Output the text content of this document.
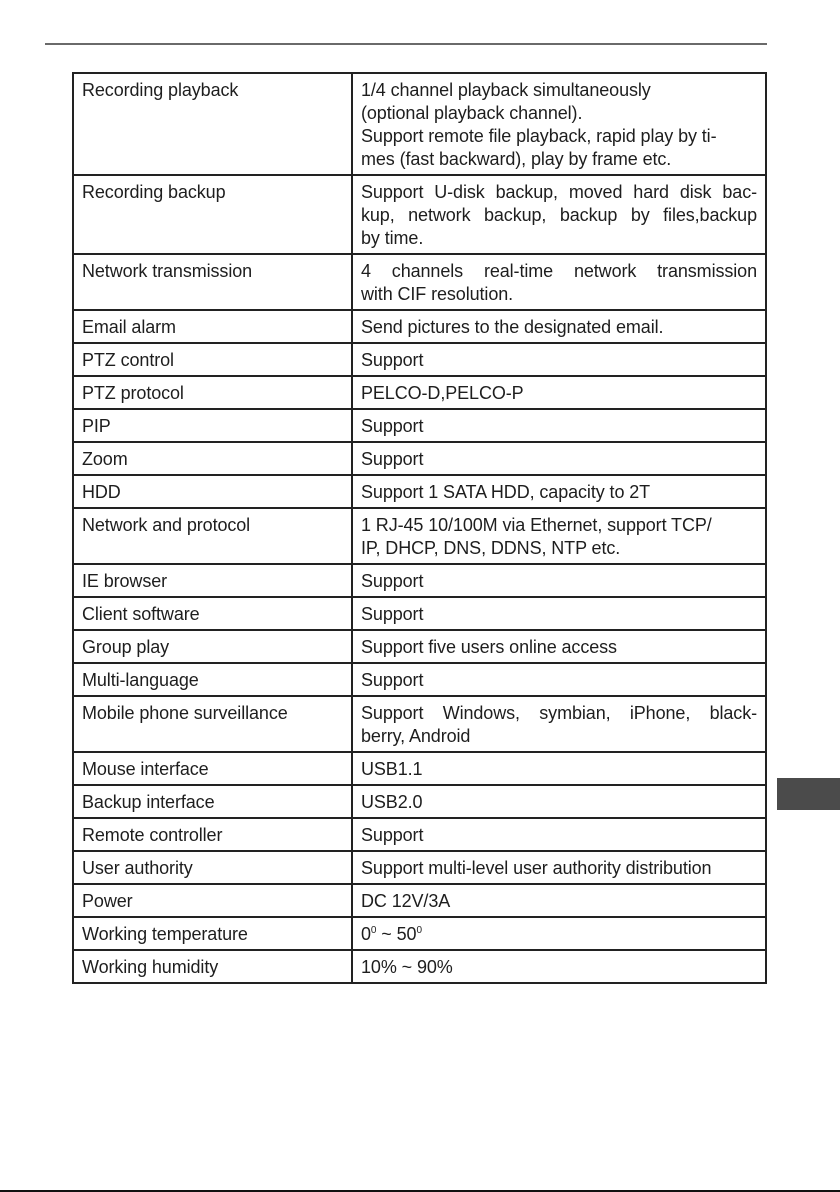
Recording playback	1/4 channel playback simultaneously
(optional playback channel).
Support remote file playback, rapid play by ti-
mes (fast backward), play by frame etc.

Recording backup	Support U-disk backup, moved hard disk bac-
kup, network backup, backup by files,backup
by time.

Network transmission	4 channels real-time network transmission
with CIF resolution.

Email alarm	Send pictures to the designated email.
PTZ control	Support
PTZ protocol	PELCO-D,PELCO-P
PIP	Support
Zoom	Support
HDD	Support 1 SATA HDD, capacity to 2T
Network and protocol	1 RJ-45 10/100M via Ethernet, support TCP/
IP, DHCP, DNS, DDNS, NTP etc.

IE browser	Support
Client software	Support
Group play	Support five users online access
Multi-language	Support
Mobile phone surveillance	Support Windows, symbian, iPhone, black-
berry, Android

Mouse interface	USB1.1
Backup interface	USB2.0
Remote controller	Support
User authority	Support multi-level user authority distribution
Power	DC 12V/3A
Working temperature	$0^0$ ~ $50^0$
Working humidity	10% ~ 90%
